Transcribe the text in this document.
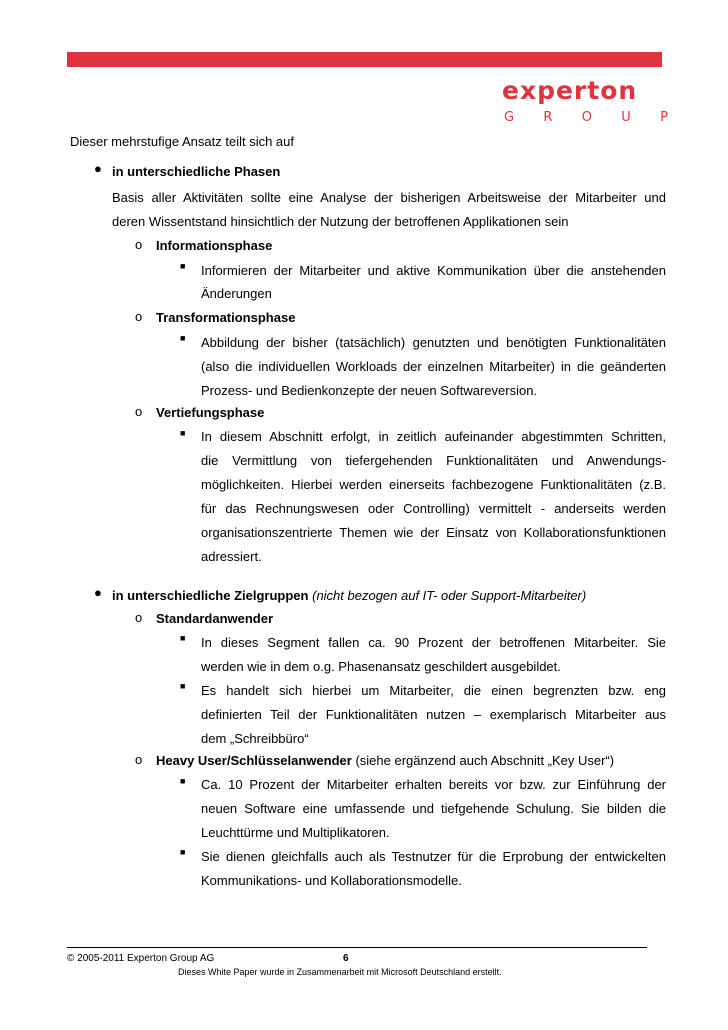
experton
G R O U P
Dieser mehrstufige Ansatz teilt sich auf
● in unterschiedliche Phasen
Basis aller Aktivitäten sollte eine Analyse der bisherigen Arbeitsweise der Mitarbeiter und
deren Wissentstand hinsichtlich der Nutzung der betroffenen Applikationen sein
o Informationsphase
■ Informieren der Mitarbeiter und aktive Kommunikation über die anstehenden
Änderungen
o Transformationsphase
■ Abbildung der bisher (tatsächlich) genutzten und benötigten Funktionalitäten
(also die individuellen Workloads der einzelnen Mitarbeiter) in die geänderten
Prozess- und Bedienkonzepte der neuen Softwareversion.
o Vertiefungsphase
■ In diesem Abschnitt erfolgt, in zeitlich aufeinander abgestimmten Schritten,
die Vermittlung von tiefergehenden Funktionalitäten und Anwendungs-
möglichkeiten. Hierbei werden einerseits fachbezogene Funktionalitäten (z.B.
für das Rechnungswesen oder Controlling) vermittelt - anderseits werden
organisationszentrierte Themen wie der Einsatz von Kollaborationsfunktionen
adressiert.
● in unterschiedliche Zielgruppen (nicht bezogen auf IT- oder Support-Mitarbeiter)
o Standardanwender
■ In dieses Segment fallen ca. 90 Prozent der betroffenen Mitarbeiter. Sie
werden wie in dem o.g. Phasenansatz geschildert ausgebildet.
■ Es handelt sich hierbei um Mitarbeiter, die einen begrenzten bzw. eng
definierten Teil der Funktionalitäten nutzen – exemplarisch Mitarbeiter aus
dem „Schreibbüro“
o Heavy User/Schlüsselanwender (siehe ergänzend auch Abschnitt „Key User“)
■ Ca. 10 Prozent der Mitarbeiter erhalten bereits vor bzw. zur Einführung der
neuen Software eine umfassende und tiefgehende Schulung. Sie bilden die
Leuchttürme und Multiplikatoren.
■ Sie dienen gleichfalls auch als Testnutzer für die Erprobung der entwickelten
Kommunikations- und Kollaborationsmodelle.
© 2005-2011 Experton Group AG	6
Dieses White Paper wurde in Zusammenarbeit mit Microsoft Deutschland erstellt.
